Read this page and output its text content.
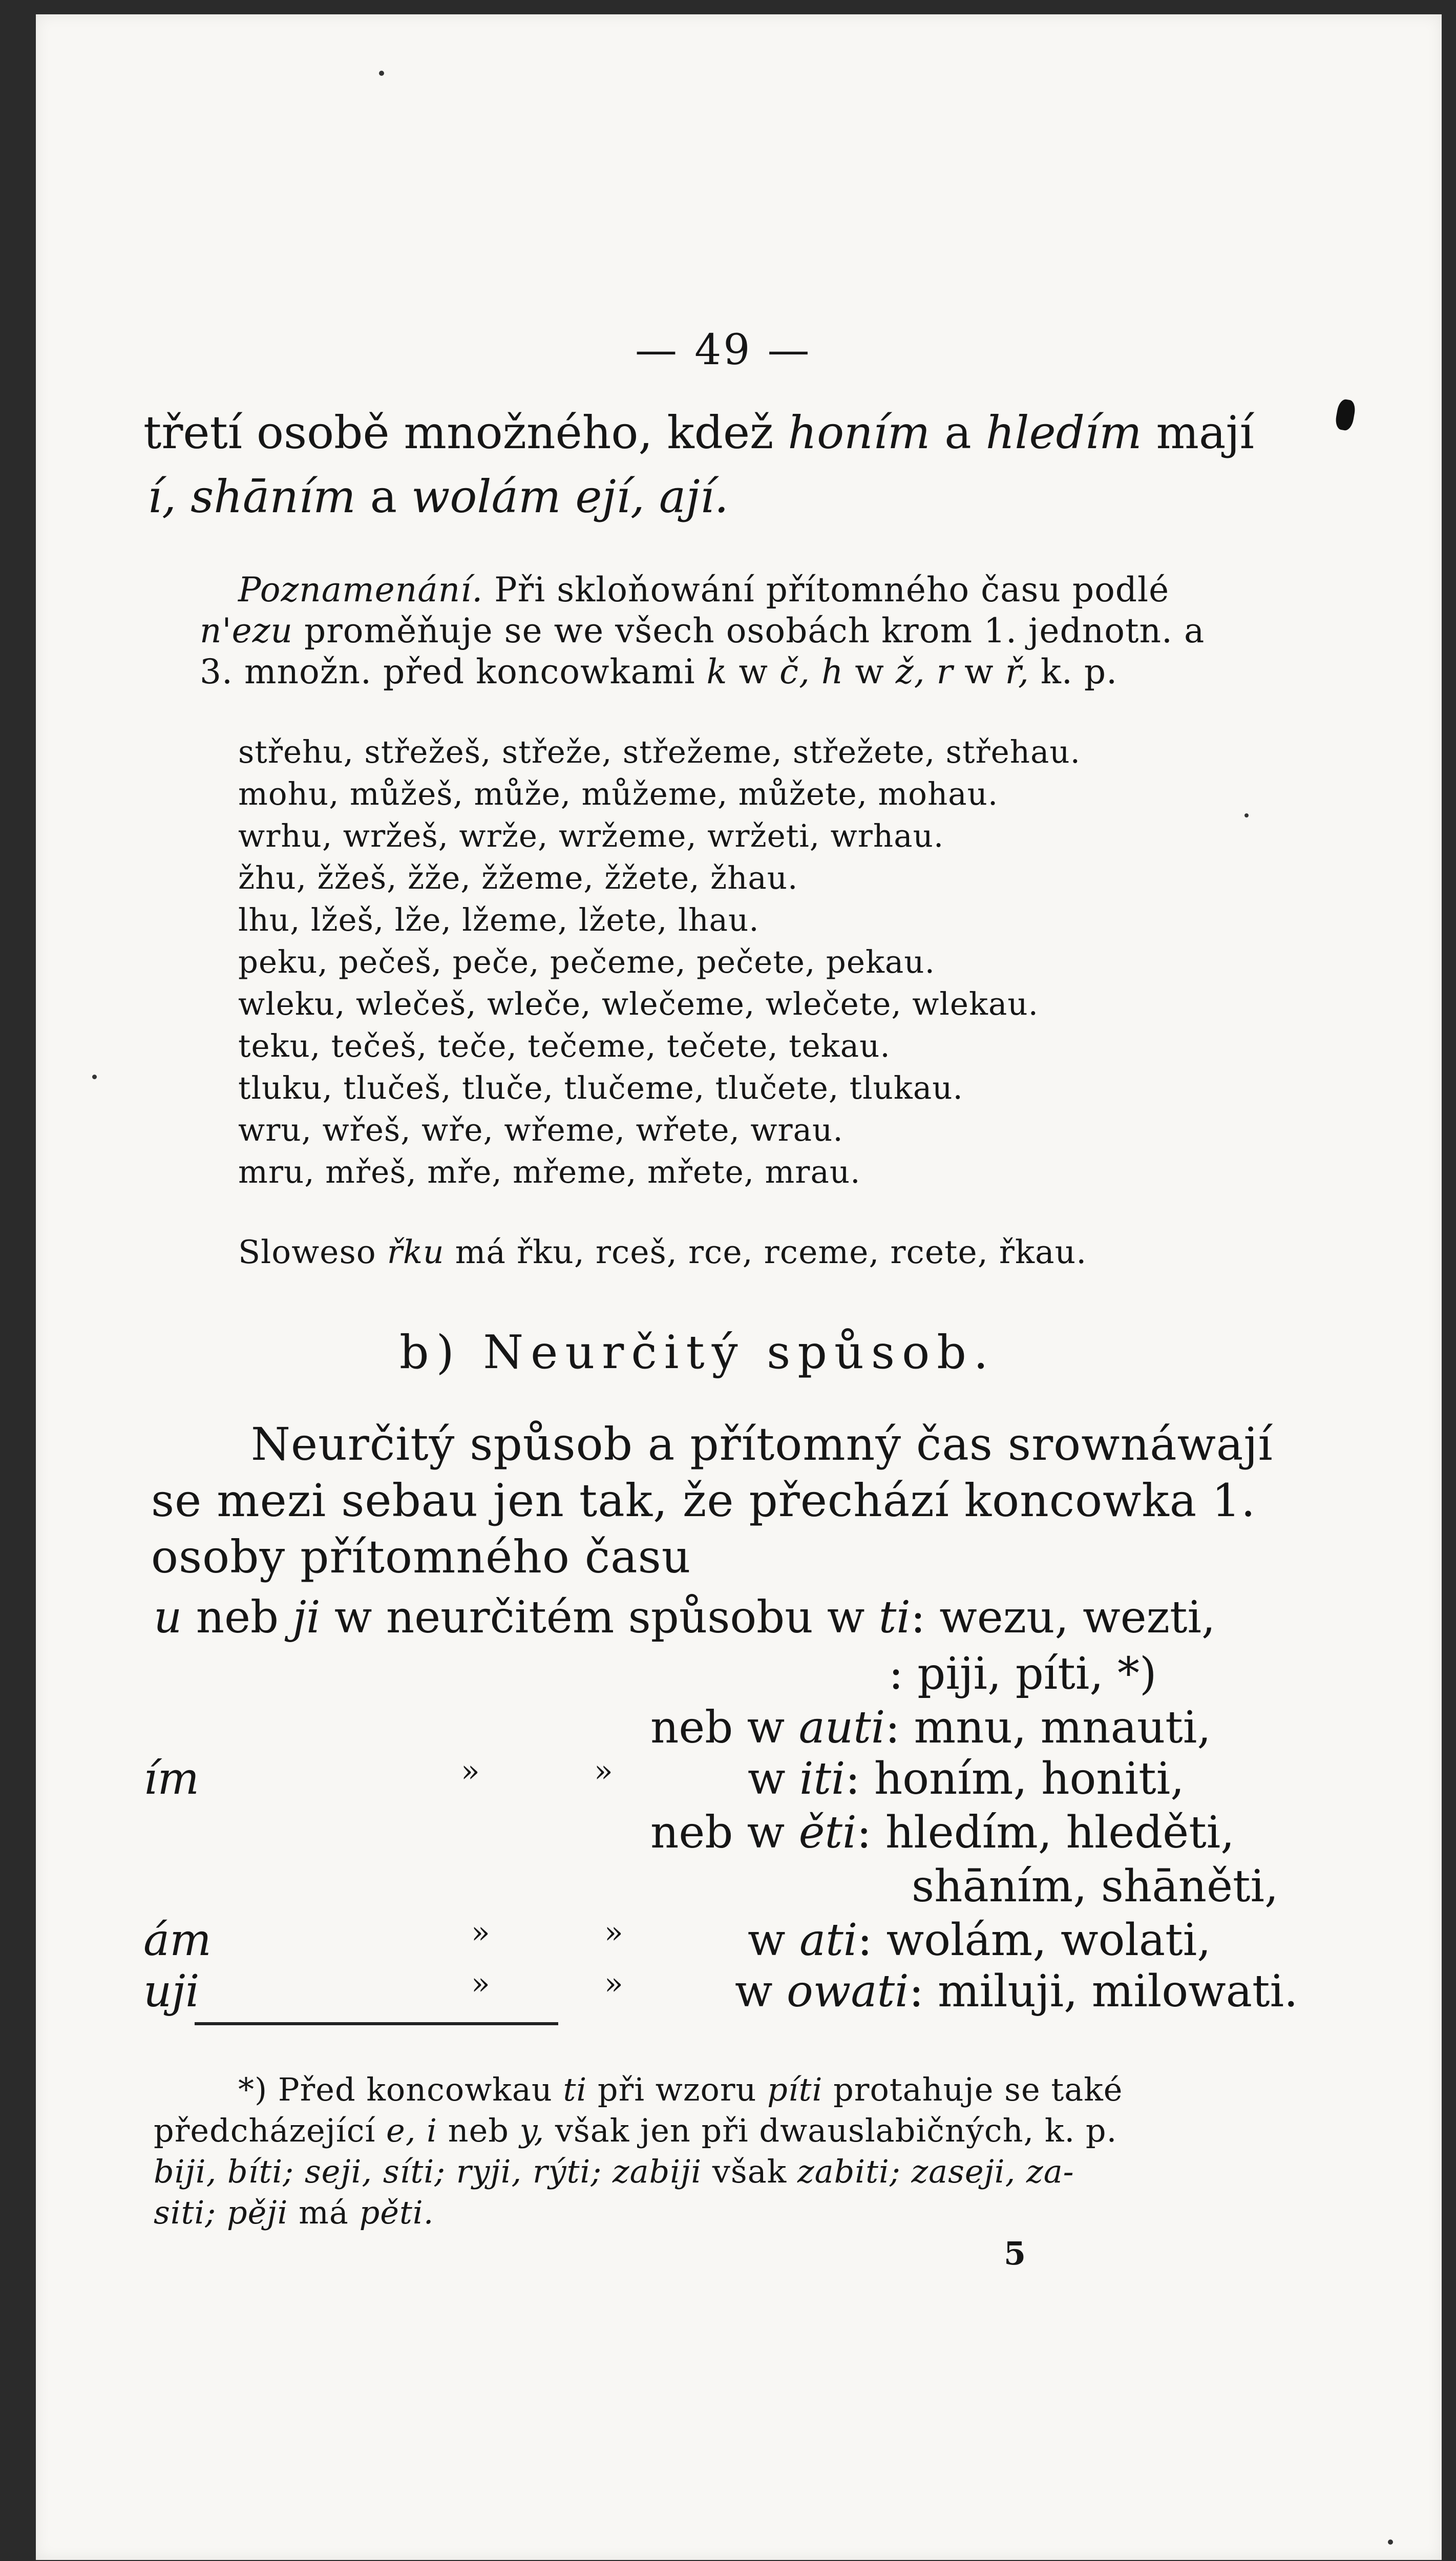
— 49 —
třetí osobě množného, kdež honím a hledím mají
í, shāním a wolám ejí, ají.
Poznamenání. Při skloňowání přítomného času podlé
n'ezu proměňuje se we všech osobách krom 1. jednotn. a
3. množn. před koncowkami k w č, h w ž, r w ř, k. p.
střehu, střežeš, střeže, střežeme, střežete, střehau.
mohu, můžeš, může, můžeme, můžete, mohau.
wrhu, wržeš, wrže, wržeme, wržeti, wrhau.
žhu, žžeš, žže, žžeme, žžete, žhau.
lhu, lžeš, lže, lžeme, lžete, lhau.
peku, pečeš, peče, pečeme, pečete, pekau.
wleku, wlečeš, wleče, wlečeme, wlečete, wlekau.
teku, tečeš, teče, tečeme, tečete, tekau.
tluku, tlučeš, tluče, tlučeme, tlučete, tlukau.
wru, wřeš, wře, wřeme, wřete, wrau.
mru, mřeš, mře, mřeme, mřete, mrau.
Sloweso řku má řku, rceš, rce, rceme, rcete, řkau.
b) Neurčitý spůsob.
Neurčitý spůsob a přítomný čas srownáwají
se mezi sebau jen tak, že přechází koncowka 1.
osoby přítomného času
u neb ji w neurčitém spůsobu w ti: wezu, wezti,
: piji, píti, *)
neb w auti: mnu, mnauti,
ím	»	»	w iti: honím, honiti,
neb w ěti: hledím, hleděti,
shāním, shāněti,
ám	»	»	w ati: wolám, wolati,
uji	»	»	w owati: miluji, milowati.
*) Před koncowkau ti při wzoru píti protahuje se také
předcházející e, i neb y, však jen při dwauslabičných, k. p.
biji, bíti; seji, síti; ryji, rýti; zabiji však zabiti; zaseji, za-
siti; pěji má pěti.
5
